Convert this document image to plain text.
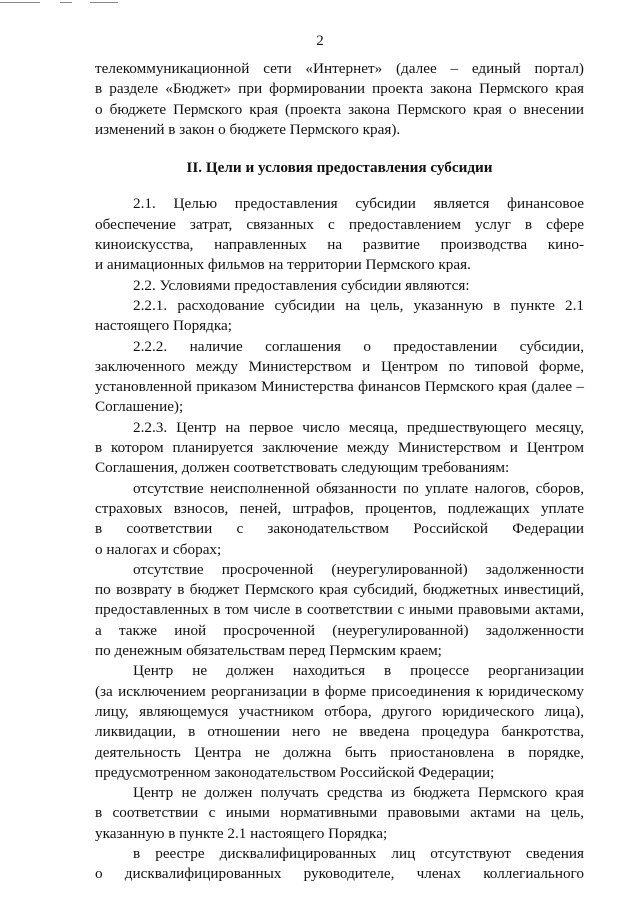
2

телекоммуникационной сети «Интернет» (далее – единый портал)

в разделе «Бюджет» при формировании проекта закона Пермского края

о бюджете Пермского края (проекта закона Пермского края о внесении

изменений в закон о бюджете Пермского края).

II. Цели и условия предоставления субсидии

2.1. Целью предоставления субсидии является финансовое

обеспечение затрат, связанных с предоставлением услуг в сфере

киноискусства, направленных на развитие производства кино-

и анимационных фильмов на территории Пермского края.

2.2. Условиями предоставления субсидии являются:

2.2.1. расходование субсидии на цель, указанную в пункте 2.1

настоящего Порядка;

2.2.2. наличие соглашения о предоставлении субсидии,

заключенного между Министерством и Центром по типовой форме,

установленной приказом Министерства финансов Пермского края (далее –

Соглашение);

2.2.3. Центр на первое число месяца, предшествующего месяцу,

в котором планируется заключение между Министерством и Центром

Соглашения, должен соответствовать следующим требованиям:

отсутствие неисполненной обязанности по уплате налогов, сборов,

страховых взносов, пеней, штрафов, процентов, подлежащих уплате

в соответствии с законодательством Российской Федерации

о налогах и сборах;

отсутствие просроченной (неурегулированной) задолженности

по возврату в бюджет Пермского края субсидий, бюджетных инвестиций,

предоставленных в том числе в соответствии с иными правовыми актами,

а также иной просроченной (неурегулированной) задолженности

по денежным обязательствам перед Пермским краем;

Центр не должен находиться в процессе реорганизации

(за исключением реорганизации в форме присоединения к юридическому

лицу, являющемуся участником отбора, другого юридического лица),

ликвидации, в отношении него не введена процедура банкротства,

деятельность Центра не должна быть приостановлена в порядке,

предусмотренном законодательством Российской Федерации;

Центр не должен получать средства из бюджета Пермского края

в соответствии с иными нормативными правовыми актами на цель,

указанную в пункте 2.1 настоящего Порядка;

в реестре дисквалифицированных лиц отсутствуют сведения

о дисквалифицированных руководителе, членах коллегиального
